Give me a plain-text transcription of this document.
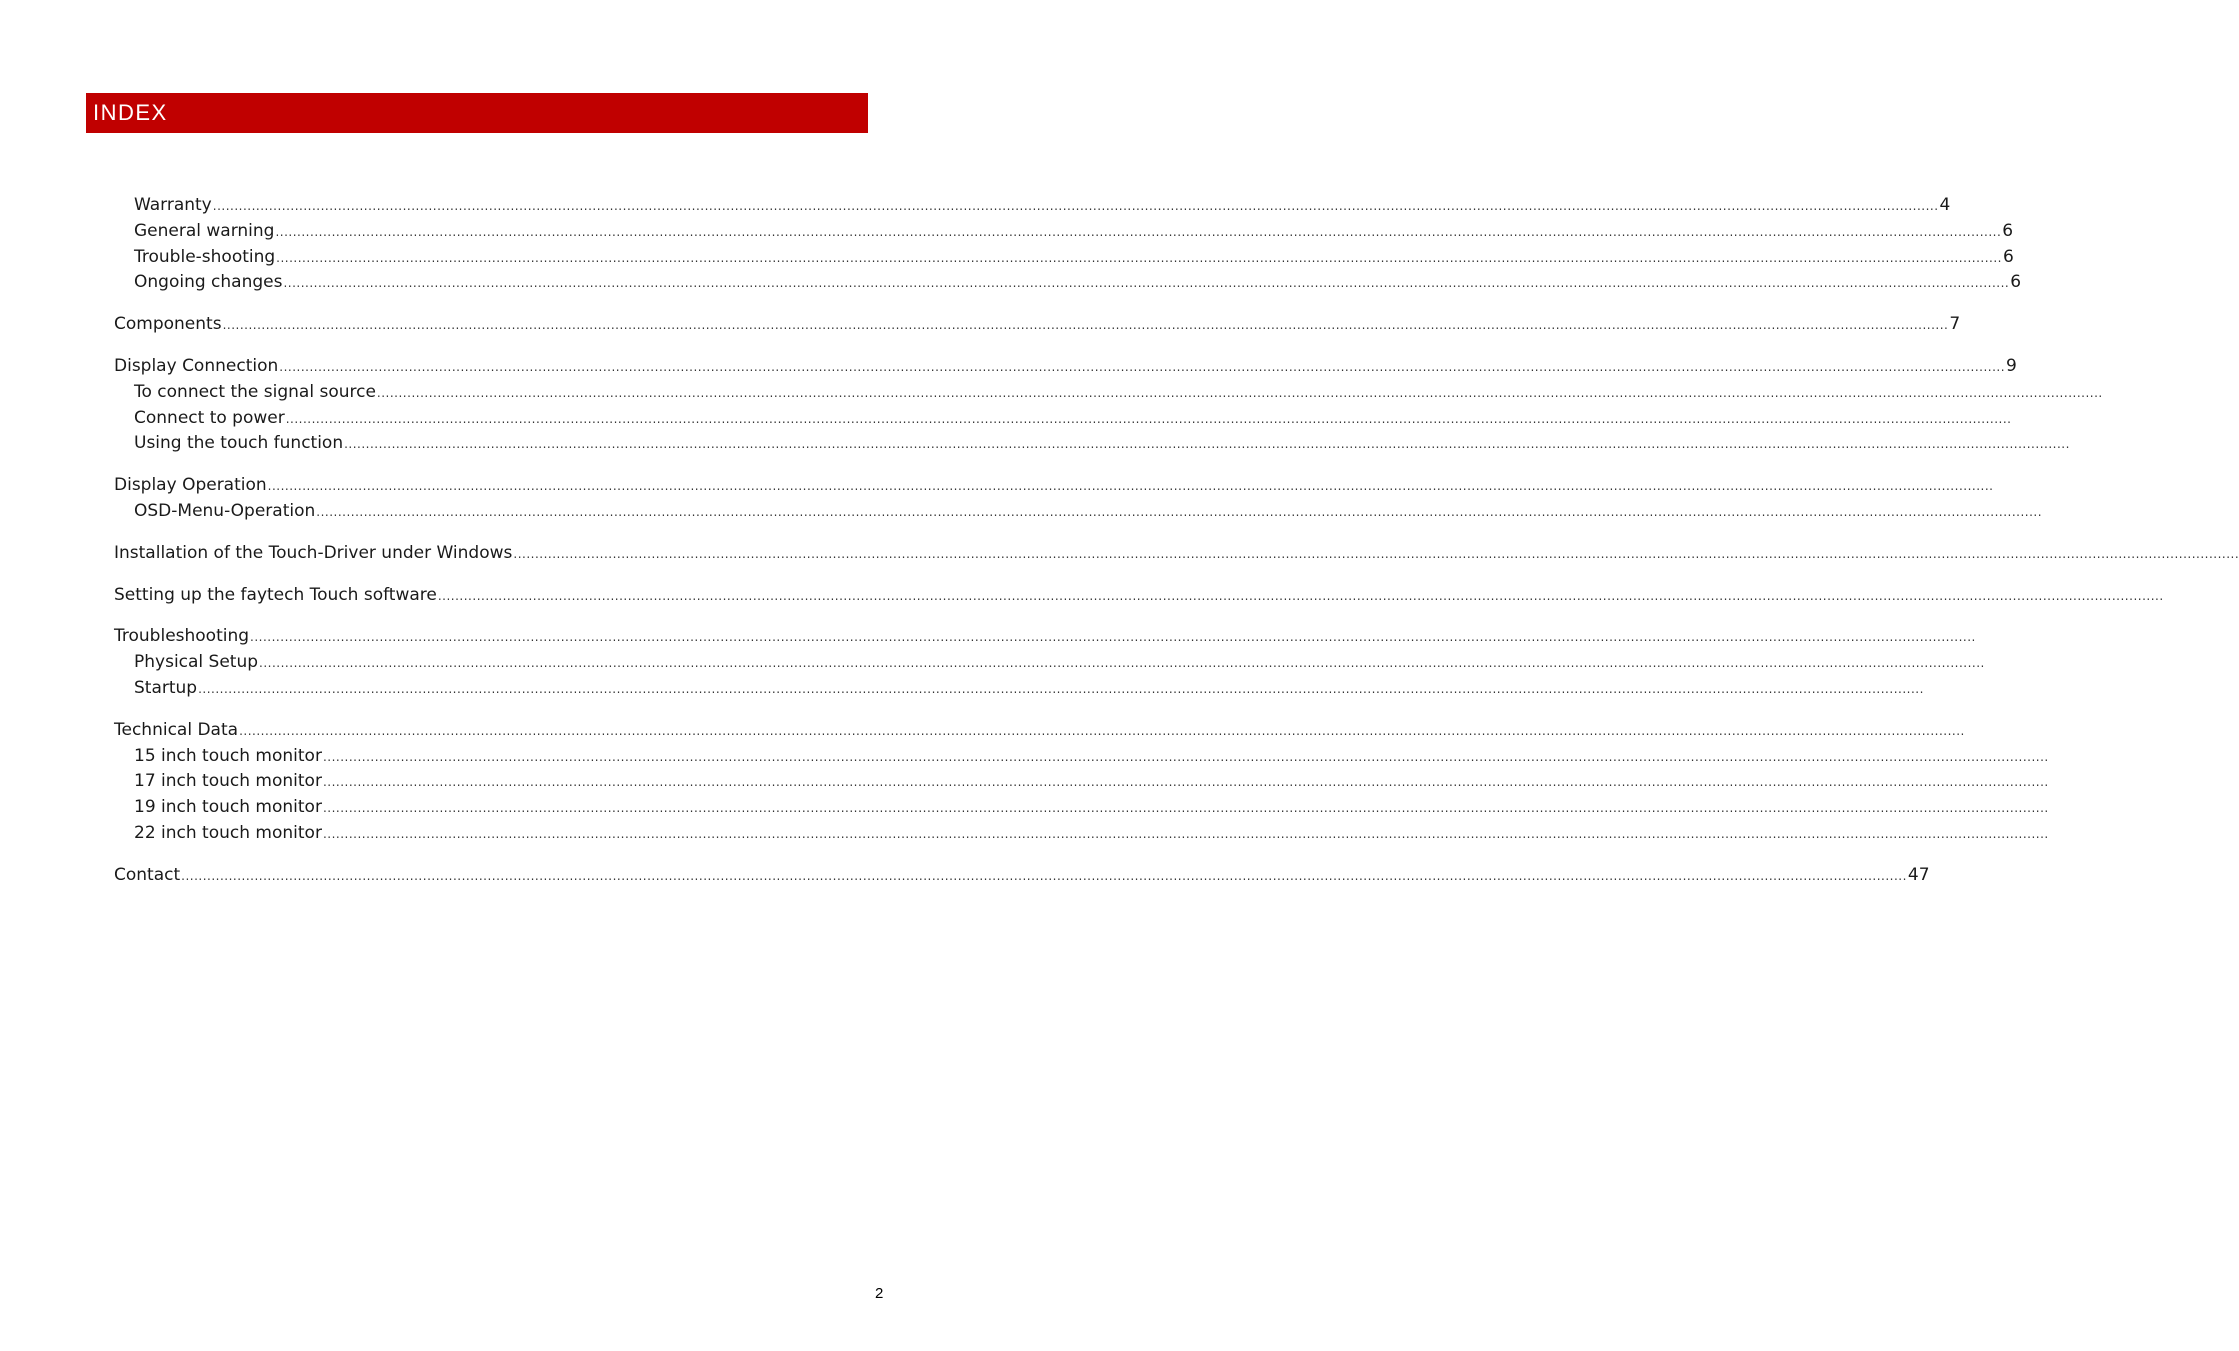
INDEX
Warranty ................................................................................................................................................................................................................................................................................................................................................................................................................ 4
General warning ................................................................................................................................................................................................................................................................................................................................................................................................................ 6
Trouble-shooting ................................................................................................................................................................................................................................................................................................................................................................................................................ 6
Ongoing changes ................................................................................................................................................................................................................................................................................................................................................................................................................ 6
Components ................................................................................................................................................................................................................................................................................................................................................................................................................ 7
Display Connection ................................................................................................................................................................................................................................................................................................................................................................................................................ 9
To connect the signal source ................................................................................................................................................................................................................................................................................................................................................................................................................
Connect to power ................................................................................................................................................................................................................................................................................................................................................................................................................
Using the touch function ................................................................................................................................................................................................................................................................................................................................................................................................................
Display Operation ................................................................................................................................................................................................................................................................................................................................................................................................................
OSD-Menu-Operation ................................................................................................................................................................................................................................................................................................................................................................................................................
Installation of the Touch-Driver under Windows ................................................................................................................................................................................................................................................................................................................................................................................................................
Setting up the faytech Touch software ................................................................................................................................................................................................................................................................................................................................................................................................................
Troubleshooting ................................................................................................................................................................................................................................................................................................................................................................................................................
Physical Setup ................................................................................................................................................................................................................................................................................................................................................................................................................
Startup ................................................................................................................................................................................................................................................................................................................................................................................................................
Technical Data ................................................................................................................................................................................................................................................................................................................................................................................................................
15 inch touch monitor ................................................................................................................................................................................................................................................................................................................................................................................................................
17 inch touch monitor ................................................................................................................................................................................................................................................................................................................................................................................................................
19 inch touch monitor ................................................................................................................................................................................................................................................................................................................................................................................................................
22 inch touch monitor ................................................................................................................................................................................................................................................................................................................................................................................................................
Contact ................................................................................................................................................................................................................................................................................................................................................................................................................ 47
2
